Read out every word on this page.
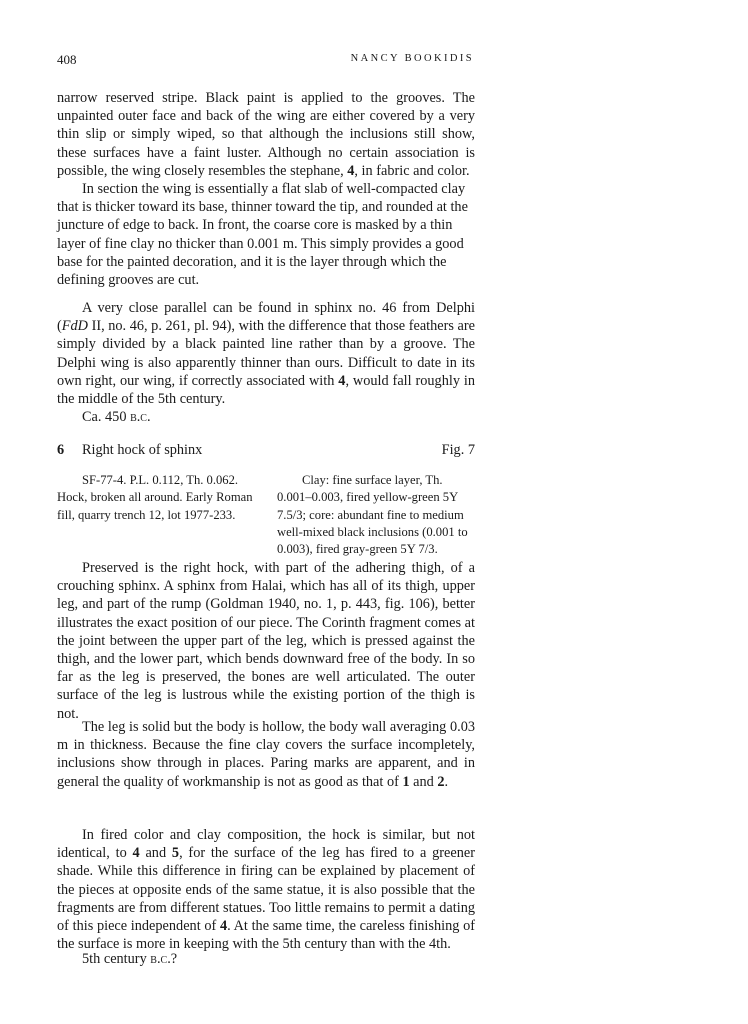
408	NANCY BOOKIDIS

narrow reserved stripe. Black paint is applied to the grooves. The unpainted outer face and back of the wing are either covered by a very thin slip or simply wiped, so that although the inclusions still show, these surfaces have a faint luster. Although no certain association is possible, the wing closely resembles the stephane, 4, in fabric and color.

In section the wing is essentially a flat slab of well-compacted clay that is thicker toward its base, thinner toward the tip, and rounded at the juncture of edge to back. In front, the coarse core is masked by a thin layer of fine clay no thicker than 0.001 m. This simply provides a good base for the painted decoration, and it is the layer through which the defining grooves are cut.

A very close parallel can be found in sphinx no. 46 from Delphi (FdD II, no. 46, p. 261, pl. 94), with the difference that those feathers are simply divided by a black painted line rather than by a groove. The Delphi wing is also apparently thinner than ours. Difficult to date in its own right, our wing, if correctly associated with 4, would fall roughly in the middle of the 5th century.

Ca. 450 b.c.
6 Right hock of sphinx	Fig. 7
SF-77-4. P.L. 0.112, Th. 0.062. Hock, broken all around. Early Roman fill, quarry trench 12, lot 1977-233.
Clay: fine surface layer, Th. 0.001–0.003, fired yellow-green 5Y 7.5/3; core: abundant fine to medium well-mixed black inclusions (0.001 to 0.003), fired gray-green 5Y 7/3.

Preserved is the right hock, with part of the adhering thigh, of a crouching sphinx. A sphinx from Halai, which has all of its thigh, upper leg, and part of the rump (Goldman 1940, no. 1, p. 443, fig. 106), better illustrates the exact position of our piece. The Corinth fragment comes at the joint between the upper part of the leg, which is pressed against the thigh, and the lower part, which bends downward free of the body. In so far as the leg is preserved, the bones are well articulated. The outer surface of the leg is lustrous while the existing portion of the thigh is not.

The leg is solid but the body is hollow, the body wall averaging 0.03 m in thickness. Because the fine clay covers the surface incompletely, inclusions show through in places. Paring marks are apparent, and in general the quality of workmanship is not as good as that of 1 and 2.

In fired color and clay composition, the hock is similar, but not identical, to 4 and 5, for the surface of the leg has fired to a greener shade. While this difference in firing can be explained by placement of the pieces at opposite ends of the same statue, it is also possible that the fragments are from different statues. Too little remains to permit a dating of this piece independent of 4. At the same time, the careless finishing of the surface is more in keeping with the 5th century than with the 4th.

5th century b.c.?
